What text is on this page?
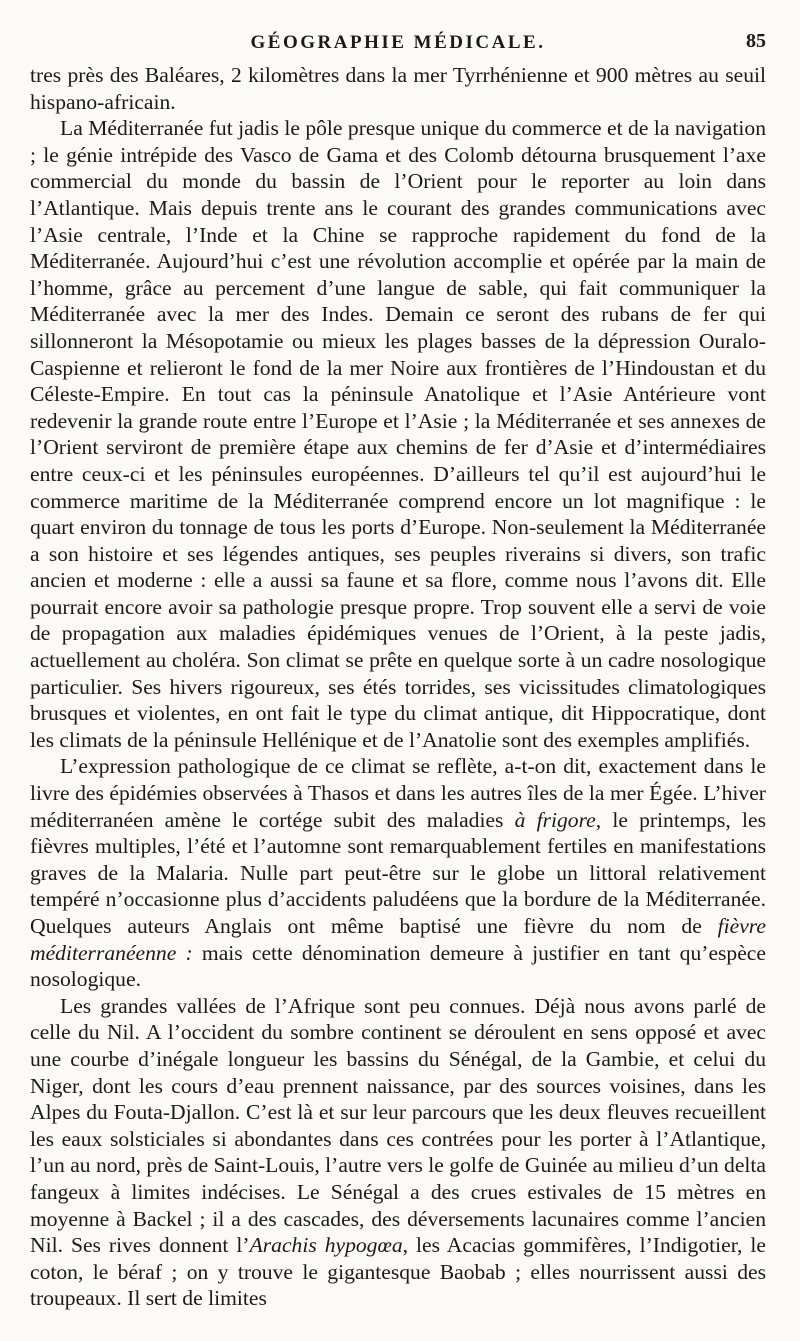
GÉOGRAPHIE MÉDICALE.	85

tres près des Baléares, 2 kilomètres dans la mer Tyrrhénienne et 900 mètres au seuil hispano-africain.

La Méditerranée fut jadis le pôle presque unique du commerce et de la navigation ; le génie intrépide des Vasco de Gama et des Colomb détourna brusquement l’axe commercial du monde du bassin de l’Orient pour le reporter au loin dans l’Atlantique. Mais depuis trente ans le courant des grandes communications avec l’Asie centrale, l’Inde et la Chine se rapproche rapidement du fond de la Méditerranée. Aujourd’hui c’est une révolution accomplie et opérée par la main de l’homme, grâce au percement d’une langue de sable, qui fait communiquer la Méditerranée avec la mer des Indes. Demain ce seront des rubans de fer qui sillonneront la Mésopotamie ou mieux les plages basses de la dépression Ouralo-Caspienne et relieront le fond de la mer Noire aux frontières de l’Hindoustan et du Céleste-Empire. En tout cas la péninsule Anatolique et l’Asie Antérieure vont redevenir la grande route entre l’Europe et l’Asie ; la Méditerranée et ses annexes de l’Orient serviront de première étape aux chemins de fer d’Asie et d’intermédiaires entre ceux-ci et les péninsules européennes. D’ailleurs tel qu’il est aujourd’hui le commerce maritime de la Méditerranée comprend encore un lot magnifique : le quart environ du tonnage de tous les ports d’Europe. Non-seulement la Méditerranée a son histoire et ses légendes antiques, ses peuples riverains si divers, son trafic ancien et moderne : elle a aussi sa faune et sa flore, comme nous l’avons dit. Elle pourrait encore avoir sa pathologie presque propre. Trop souvent elle a servi de voie de propagation aux maladies épidémiques venues de l’Orient, à la peste jadis, actuellement au choléra. Son climat se prête en quelque sorte à un cadre nosologique particulier. Ses hivers rigoureux, ses étés torrides, ses vicissitudes climatologiques brusques et violentes, en ont fait le type du climat antique, dit Hippocratique, dont les climats de la péninsule Hellénique et de l’Anatolie sont des exemples amplifiés.

L’expression pathologique de ce climat se reflète, a-t-on dit, exactement dans le livre des épidémies observées à Thasos et dans les autres îles de la mer Égée. L’hiver méditerranéen amène le cortége subit des maladies à frigore, le printemps, les fièvres multiples, l’été et l’automne sont remarquablement fertiles en manifestations graves de la Malaria. Nulle part peut-être sur le globe un littoral relativement tempéré n’occasionne plus d’accidents paludéens que la bordure de la Méditerranée. Quelques auteurs Anglais ont même baptisé une fièvre du nom de fièvre méditerranéenne : mais cette dénomination demeure à justifier en tant qu’espèce nosologique.

Les grandes vallées de l’Afrique sont peu connues. Déjà nous avons parlé de celle du Nil. A l’occident du sombre continent se déroulent en sens opposé et avec une courbe d’inégale longueur les bassins du Sénégal, de la Gambie, et celui du Niger, dont les cours d’eau prennent naissance, par des sources voisines, dans les Alpes du Fouta-Djallon. C’est là et sur leur parcours que les deux fleuves recueillent les eaux solsticiales si abondantes dans ces contrées pour les porter à l’Atlantique, l’un au nord, près de Saint-Louis, l’autre vers le golfe de Guinée au milieu d’un delta fangeux à limites indécises. Le Sénégal a des crues estivales de 15 mètres en moyenne à Backel ; il a des cascades, des déversements lacunaires comme l’ancien Nil. Ses rives donnent l’Arachis hypogœa, les Acacias gommifères, l’Indigotier, le coton, le béraf ; on y trouve le gigantesque Baobab ; elles nourrissent aussi des troupeaux. Il sert de limites
